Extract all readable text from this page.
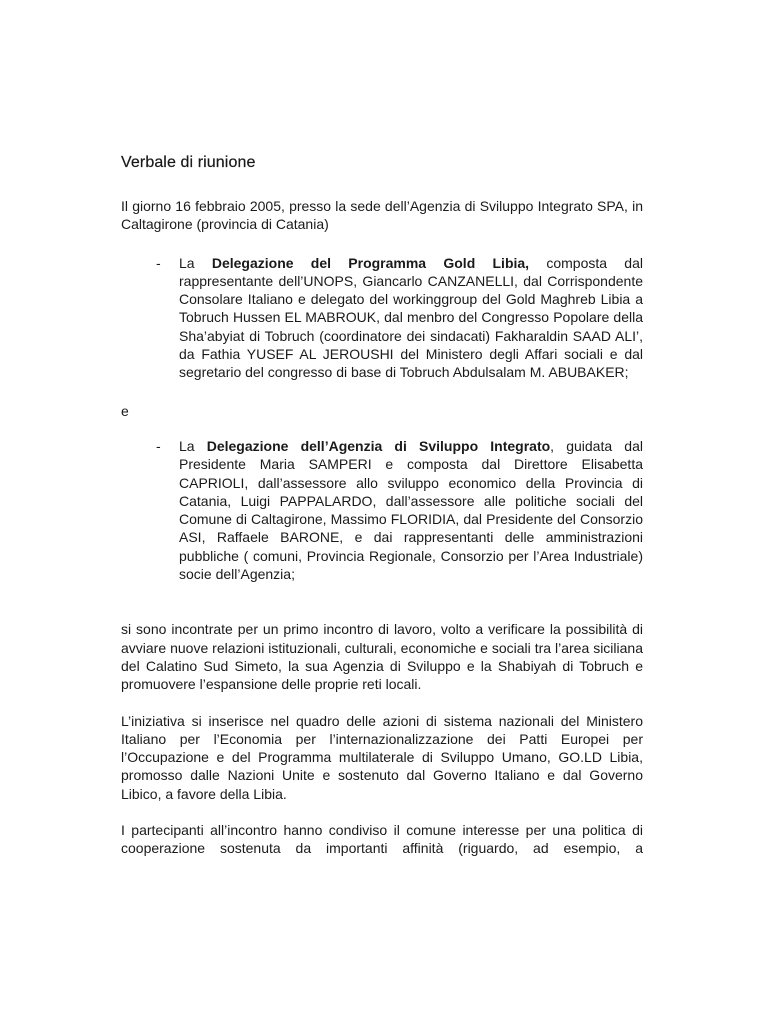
Verbale di riunione

Il giorno 16 febbraio 2005, presso la sede dell’Agenzia di Sviluppo Integrato SPA, in Caltagirone (provincia di Catania)

- La Delegazione del Programma Gold Libia, composta dal rappresentante dell’UNOPS, Giancarlo CANZANELLI, dal Corrispondente Consolare Italiano e delegato del workinggroup del Gold Maghreb Libia a Tobruch Hussen EL MABROUK, dal menbro del Congresso Popolare della Sha’abyiat di Tobruch (coordinatore dei sindacati) Fakharaldin SAAD ALI’, da Fathia YUSEF AL JEROUSHI del Ministero degli Affari sociali e dal segretario del congresso di base di Tobruch Abdulsalam M. ABUBAKER;

e

- La Delegazione dell’Agenzia di Sviluppo Integrato, guidata dal Presidente Maria SAMPERI e composta dal Direttore Elisabetta CAPRIOLI, dall’assessore allo sviluppo economico della Provincia di Catania, Luigi PAPPALARDO, dall’assessore alle politiche sociali del Comune di Caltagirone, Massimo FLORIDIA, dal Presidente del Consorzio ASI, Raffaele BARONE, e dai rappresentanti delle amministrazioni pubbliche ( comuni, Provincia Regionale, Consorzio per l’Area Industriale) socie dell’Agenzia;

si sono incontrate per un primo incontro di lavoro, volto a verificare la possibilità di avviare nuove relazioni istituzionali, culturali, economiche e sociali tra l’area siciliana del Calatino Sud Simeto, la sua Agenzia di Sviluppo e la Shabiyah di Tobruch e promuovere l’espansione delle proprie reti locali.

L’iniziativa si inserisce nel quadro delle azioni di sistema nazionali del Ministero Italiano per l’Economia per l’internazionalizzazione dei Patti Europei per l’Occupazione e del Programma multilaterale di Sviluppo Umano, GO.LD Libia, promosso dalle Nazioni Unite e sostenuto dal Governo Italiano e dal Governo Libico, a favore della Libia.

I partecipanti all’incontro hanno condiviso il comune interesse per una politica di cooperazione sostenuta da importanti affinità (riguardo, ad esempio, a
